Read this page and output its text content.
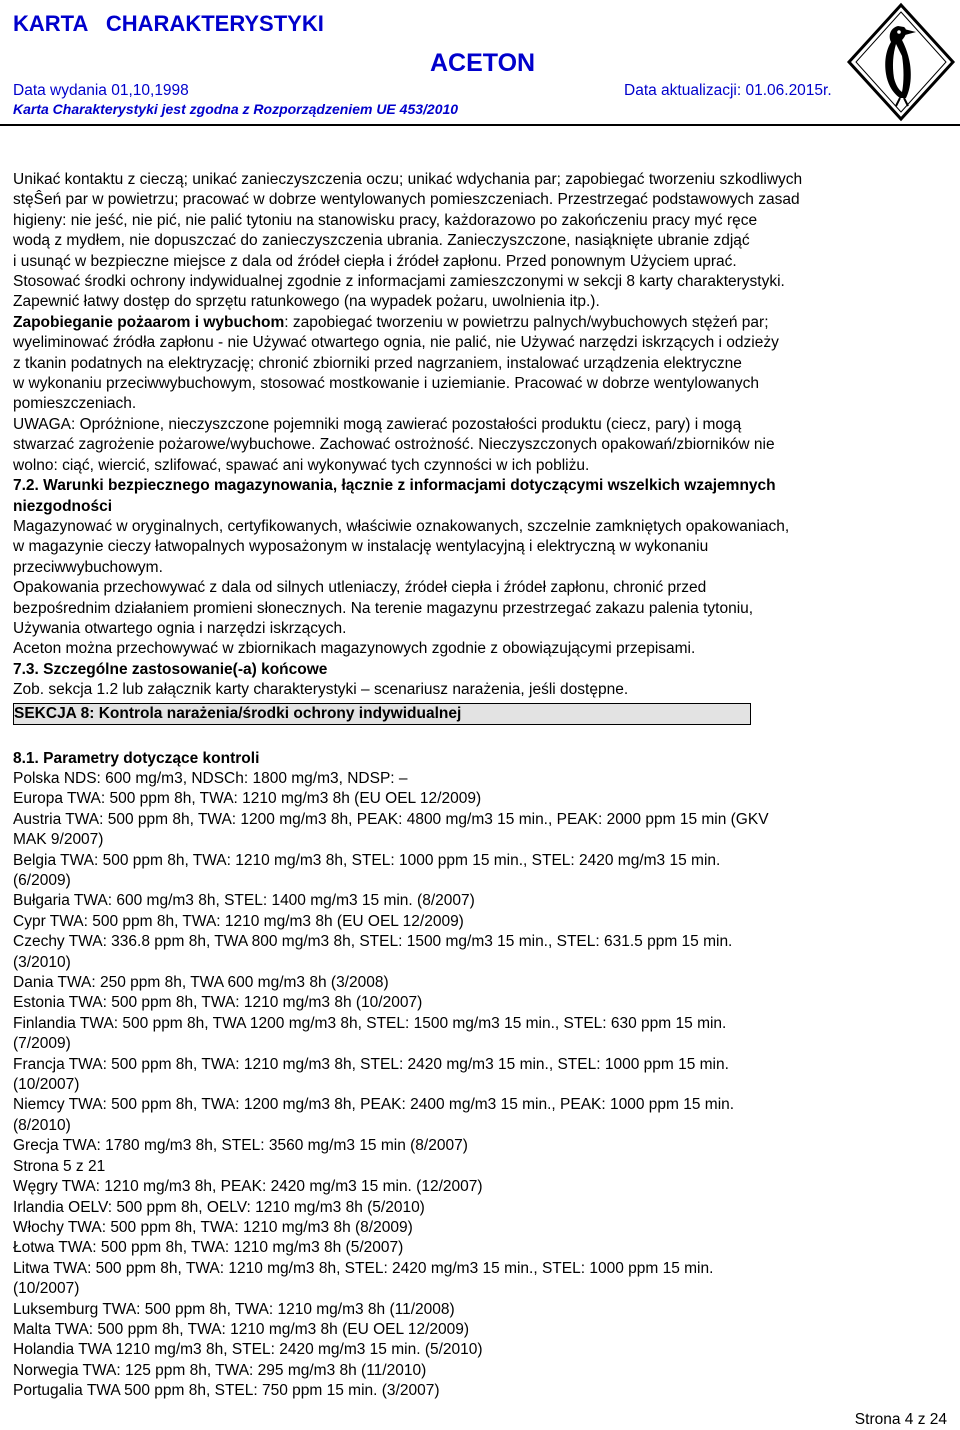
KARTA   CHARAKTERYSTYKI
ACETON
Data wydania 01,10,1998	Data aktualizacji: 01.06.2015r.
Karta Charakterystyki jest zgodna z Rozporządzeniem UE 453/2010
Unikać kontaktu z cieczą; unikać zanieczyszczenia oczu; unikać wdychania par; zapobiegać tworzeniu szkodliwych
stęŜeń par w powietrzu; pracować w dobrze wentylowanych pomieszczeniach. Przestrzegać podstawowych zasad
higieny: nie jeść, nie pić, nie palić tytoniu na stanowisku pracy, każdorazowo po zakończeniu pracy myć ręce
wodą z mydłem, nie dopuszczać do zanieczyszczenia ubrania. Zanieczyszczone, nasiąknięte ubranie zdjąć
i usunąć w bezpieczne miejsce z dala od źródeł ciepła i źródeł zapłonu. Przed ponownym Użyciem uprać.
Stosować środki ochrony indywidualnej zgodnie z informacjami zamieszczonymi w sekcji 8 karty charakterystyki.
Zapewnić łatwy dostęp do sprzętu ratunkowego (na wypadek pożaru, uwolnienia itp.).
Zapobieganie pożaarom i wybuchom: zapobiegać tworzeniu w powietrzu palnych/wybuchowych stężeń par;
wyeliminować źródła zapłonu - nie Używać otwartego ognia, nie palić, nie Używać narzędzi iskrzących i odzieży
z tkanin podatnych na elektryzację; chronić zbiorniki przed nagrzaniem, instalować urządzenia elektryczne
w wykonaniu przeciwwybuchowym, stosować mostkowanie i uziemianie. Pracować w dobrze wentylowanych
pomieszczeniach.
UWAGA: Opróżnione, nieczyszczone pojemniki mogą zawierać pozostałości produktu (ciecz, pary) i mogą
stwarzać zagrożenie pożarowe/wybuchowe. Zachować ostrożność. Nieczyszczonych opakowań/zbiorników nie
wolno: ciąć, wiercić, szlifować, spawać ani wykonywać tych czynności w ich pobliżu.
7.2. Warunki bezpiecznego magazynowania, łącznie z informacjami dotyczącymi wszelkich wzajemnych
niezgodności
Magazynować w oryginalnych, certyfikowanych, właściwie oznakowanych, szczelnie zamkniętych opakowaniach,
w magazynie cieczy łatwopalnych wyposażonym w instalację wentylacyjną i elektryczną w wykonaniu
przeciwwybuchowym.
Opakowania przechowywać z dala od silnych utleniaczy, źródeł ciepła i źródeł zapłonu, chronić przed
bezpośrednim działaniem promieni słonecznych. Na terenie magazynu przestrzegać zakazu palenia tytoniu,
Używania otwartego ognia i narzędzi iskrzących.
Aceton można przechowywać w zbiornikach magazynowych zgodnie z obowiązującymi przepisami.
7.3. Szczególne zastosowanie(-a) końcowe
Zob. sekcja 1.2 lub załącznik karty charakterystyki – scenariusz narażenia, jeśli dostępne.
SEKCJA 8: Kontrola narażenia/środki ochrony indywidualnej
8.1. Parametry dotyczące kontroli
Polska NDS: 600 mg/m3, NDSCh: 1800 mg/m3, NDSP: –
Europa TWA: 500 ppm 8h, TWA: 1210 mg/m3 8h (EU OEL 12/2009)
Austria TWA: 500 ppm 8h, TWA: 1200 mg/m3 8h, PEAK: 4800 mg/m3 15 min., PEAK: 2000 ppm 15 min (GKV
MAK 9/2007)
Belgia TWA: 500 ppm 8h, TWA: 1210 mg/m3 8h, STEL: 1000 ppm 15 min., STEL: 2420 mg/m3 15 min.
(6/2009)
Bułgaria TWA: 600 mg/m3 8h, STEL: 1400 mg/m3 15 min. (8/2007)
Cypr TWA: 500 ppm 8h, TWA: 1210 mg/m3 8h (EU OEL 12/2009)
Czechy TWA: 336.8 ppm 8h, TWA 800 mg/m3 8h, STEL: 1500 mg/m3 15 min., STEL: 631.5 ppm 15 min.
(3/2010)
Dania TWA: 250 ppm 8h, TWA 600 mg/m3 8h (3/2008)
Estonia TWA: 500 ppm 8h, TWA: 1210 mg/m3 8h (10/2007)
Finlandia TWA: 500 ppm 8h, TWA 1200 mg/m3 8h, STEL: 1500 mg/m3 15 min., STEL: 630 ppm 15 min.
(7/2009)
Francja TWA: 500 ppm 8h, TWA: 1210 mg/m3 8h, STEL: 2420 mg/m3 15 min., STEL: 1000 ppm 15 min.
(10/2007)
Niemcy TWA: 500 ppm 8h, TWA: 1200 mg/m3 8h, PEAK: 2400 mg/m3 15 min., PEAK: 1000 ppm 15 min.
(8/2010)
Grecja TWA: 1780 mg/m3 8h, STEL: 3560 mg/m3 15 min (8/2007)
Strona 5 z 21
Węgry TWA: 1210 mg/m3 8h, PEAK: 2420 mg/m3 15 min. (12/2007)
Irlandia OELV: 500 ppm 8h, OELV: 1210 mg/m3 8h (5/2010)
Włochy TWA: 500 ppm 8h, TWA: 1210 mg/m3 8h (8/2009)
Łotwa TWA: 500 ppm 8h, TWA: 1210 mg/m3 8h (5/2007)
Litwa TWA: 500 ppm 8h, TWA: 1210 mg/m3 8h, STEL: 2420 mg/m3 15 min., STEL: 1000 ppm 15 min.
(10/2007)
Luksemburg TWA: 500 ppm 8h, TWA: 1210 mg/m3 8h (11/2008)
Malta TWA: 500 ppm 8h, TWA: 1210 mg/m3 8h (EU OEL 12/2009)
Holandia TWA 1210 mg/m3 8h, STEL: 2420 mg/m3 15 min. (5/2010)
Norwegia TWA: 125 ppm 8h, TWA: 295 mg/m3 8h (11/2010)
Portugalia TWA 500 ppm 8h, STEL: 750 ppm 15 min. (3/2007)
Strona 4 z 24
